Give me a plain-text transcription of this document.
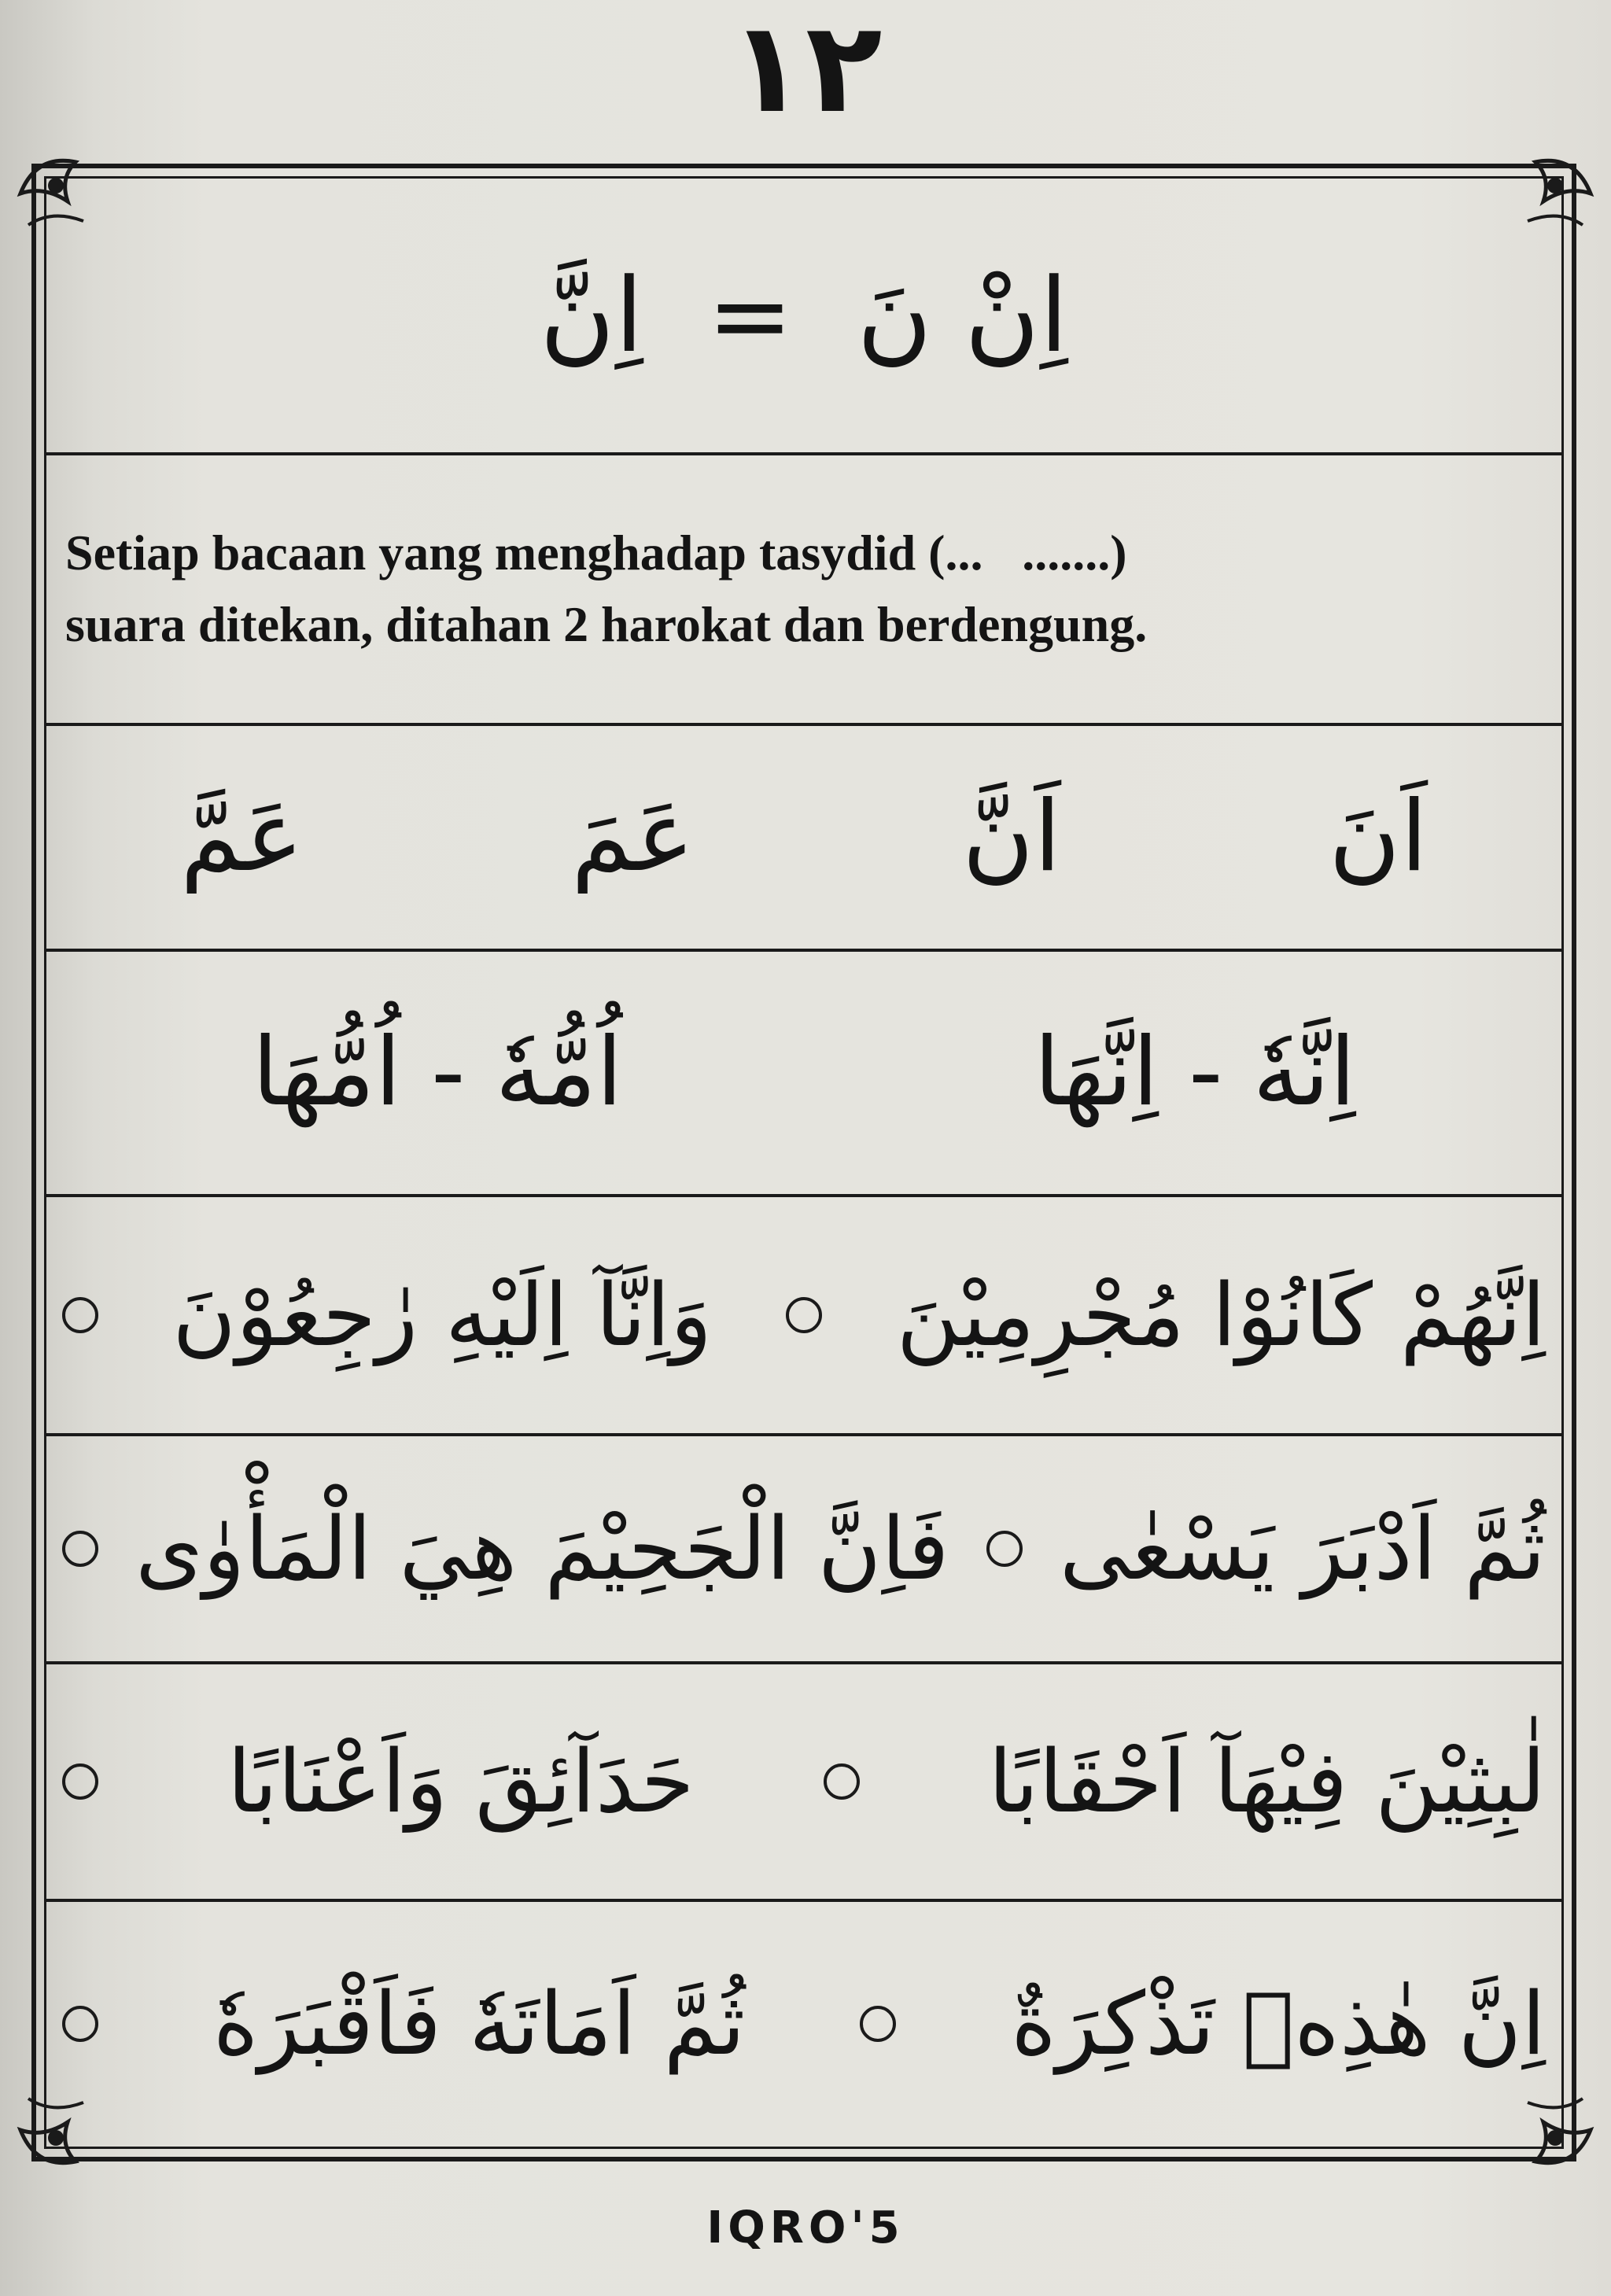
١٢
اِنْ نَ = اِنَّ
Setiap bacaan yang menghadap tasydid (....ّ......)
suara ditekan, ditahan 2 harokat dan berdengung.
اَنَ
اَنَّ
عَمَ
عَمَّ
اِنَّهٗ - اِنَّهَا
اُمُّهٗ - اُمُّهَا
اِنَّهُمْ كَانُوْا مُجْرِمِيْنَ
وَاِنَّآ اِلَيْهِ رٰجِعُوْنَ
ثُمَّ اَدْبَرَ يَسْعٰى
فَاِنَّ الْجَحِيْمَ هِيَ الْمَأْوٰى
لٰبِثِيْنَ فِيْهَآ اَحْقَابًا
حَدَآئِقَ وَاَعْنَابًا
اِنَّ هٰذِهٖ تَذْكِرَةٌ
ثُمَّ اَمَاتَهٗ فَاَقْبَرَهٗ
IQRO'5
